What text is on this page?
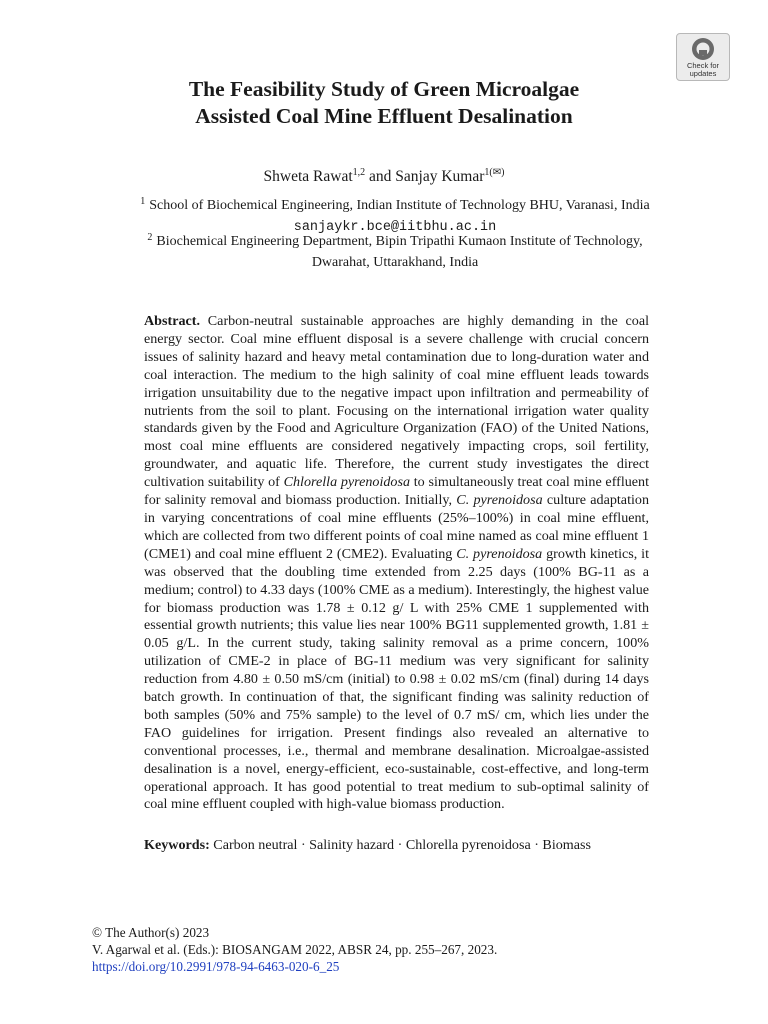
Check for
updates
The Feasibility Study of Green Microalgae
Assisted Coal Mine Effluent Desalination
Shweta Rawat$^{1,2}$ and Sanjay Kumar$^{1(✉)}$
$^1$ School of Biochemical Engineering, Indian Institute of Technology BHU, Varanasi, India
sanjaykr.bce@iitbhu.ac.in
$^2$ Biochemical Engineering Department, Bipin Tripathi Kumaon Institute of Technology,
Dwarahat, Uttarakhand, India

Abstract. Carbon-neutral sustainable approaches are highly demanding in the coal energy sector. Coal mine effluent disposal is a severe challenge with crucial concern issues of salinity hazard and heavy metal contamination due to long-duration water and coal interaction. The medium to the high salinity of coal mine effluent leads towards irrigation unsuitability due to the negative impact upon infiltration and permeability of nutrients from the soil to plant. Focusing on the international irrigation water quality standards given by the Food and Agriculture Organization (FAO) of the United Nations, most coal mine effluents are considered negatively impacting crops, soil fertility, groundwater, and aquatic life. Therefore, the current study investigates the direct cultivation suitability of Chlorella pyrenoidosa to simultaneously treat coal mine effluent for salinity removal and biomass production. Initially, C. pyrenoidosa culture adaptation in varying concentrations of coal mine effluents (25%–100%) in coal mine effluent, which are collected from two different points of coal mine named as coal mine effluent 1 (CME1) and coal mine effluent 2 (CME2). Evaluating C. pyrenoidosa growth kinetics, it was observed that the doubling time extended from 2.25 days (100% BG-11 as a medium; control) to 4.33 days (100% CME as a medium). Interestingly, the highest value for biomass production was 1.78 ± 0.12 g/ L with 25% CME 1 supplemented with essential growth nutrients; this value lies near 100% BG11 supplemented growth, 1.81 ± 0.05 g/L. In the current study, taking salinity removal as a prime concern, 100% utilization of CME-2 in place of BG-11 medium was very significant for salinity reduction from 4.80 ± 0.50 mS/cm (initial) to 0.98 ± 0.02 mS/cm (final) during 14 days batch growth. In continuation of that, the significant finding was salinity reduction of both samples (50% and 75% sample) to the level of 0.7 mS/ cm, which lies under the FAO guidelines for irrigation. Present findings also revealed an alternative to conventional processes, i.e., thermal and membrane desalination. Microalgae-assisted desalination is a novel, energy-efficient, eco-sustainable, cost-effective, and long-term operational approach. It has good potential to treat medium to sub-optimal salinity of coal mine effluent coupled with high-value biomass production.

Keywords: Carbon neutral · Salinity hazard · Chlorella pyrenoidosa · Biomass
© The Author(s) 2023
V. Agarwal et al. (Eds.): BIOSANGAM 2022, ABSR 24, pp. 255–267, 2023.
https://doi.org/10.2991/978-94-6463-020-6_25
